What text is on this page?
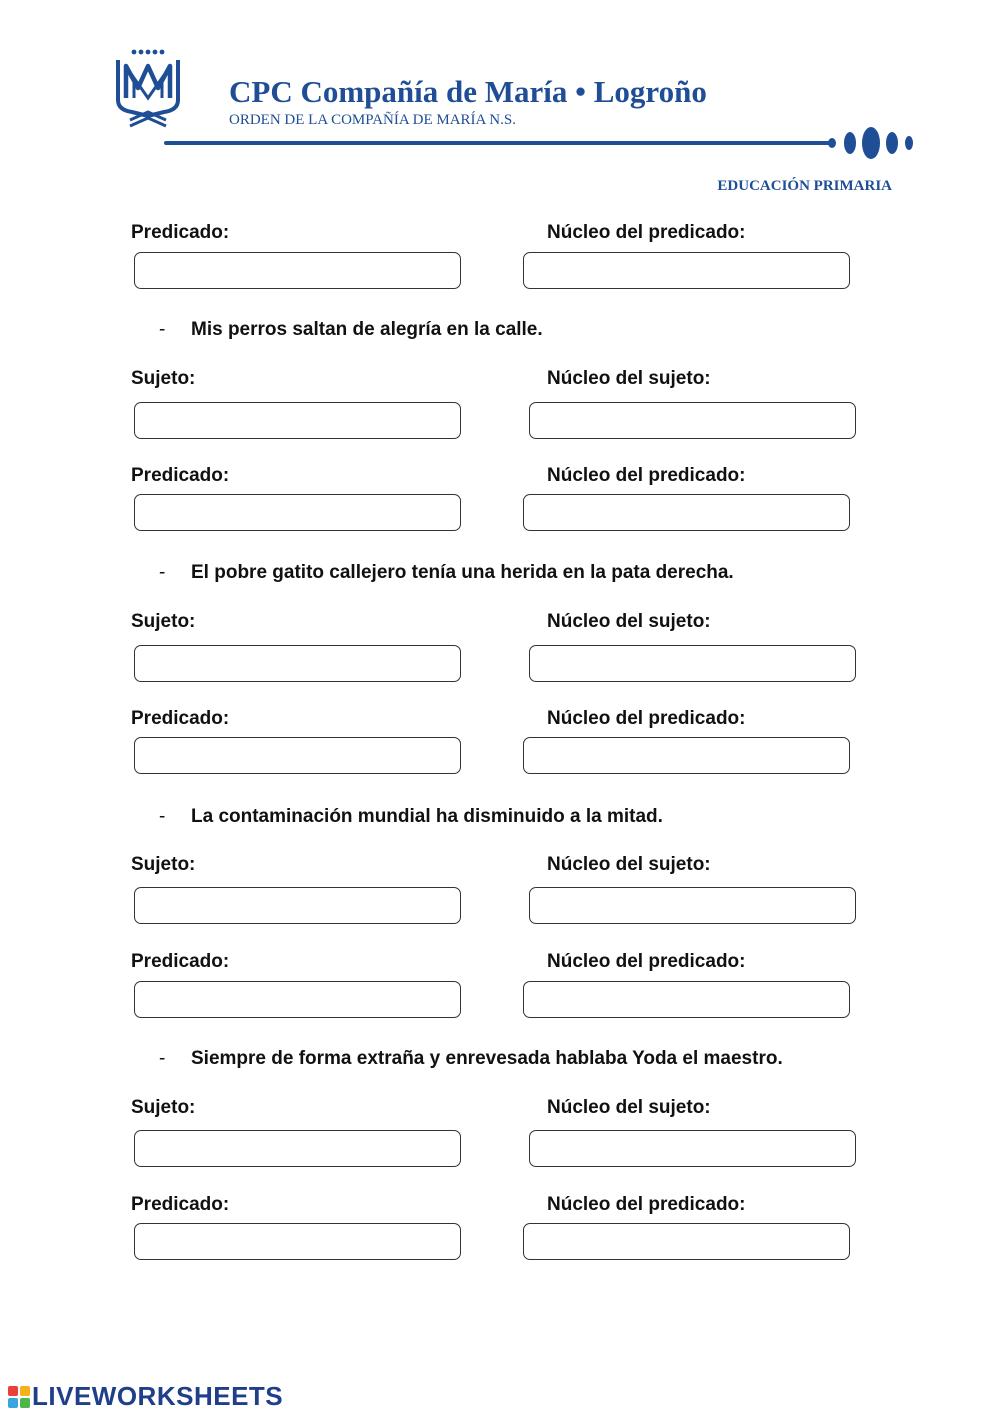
CPC Compañía de María • Logroño
ORDEN DE LA COMPAÑÍA DE MARÍA N.S.
EDUCACIÓN PRIMARIA
Predicado:	Núcleo del predicado:
- Mis perros saltan de alegría en la calle.
Sujeto:	Núcleo del sujeto:
Predicado:	Núcleo del predicado:
- El pobre gatito callejero tenía una herida en la pata derecha.
Sujeto:	Núcleo del sujeto:
Predicado:	Núcleo del predicado:
- La contaminación mundial ha disminuido a la mitad.
Sujeto:	Núcleo del sujeto:
Predicado:	Núcleo del predicado:
- Siempre de forma extraña y enrevesada hablaba Yoda el maestro.
Sujeto:	Núcleo del sujeto:
Predicado:	Núcleo del predicado:
LIVEWORKSHEETS
